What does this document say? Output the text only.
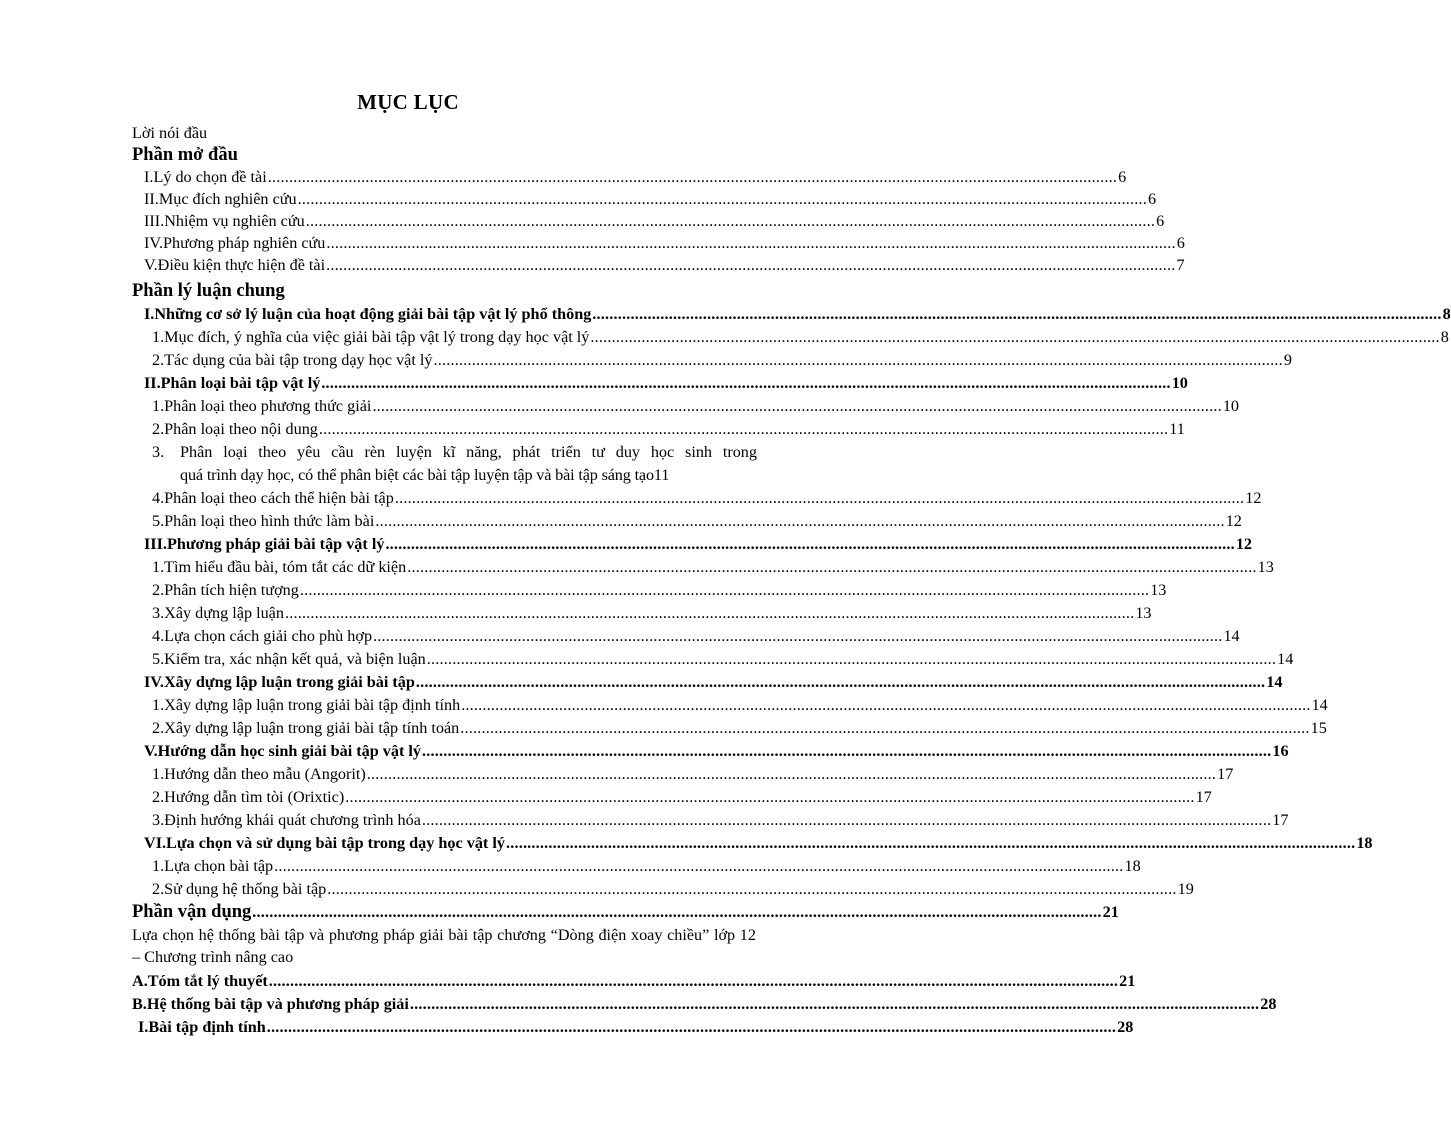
MỤC LỤC
Lời nói đầu
Phần mở đầu
I. Lý do chọn đề tài ........................................................................................................................................................................................................ 6
II. Mục đích nghiên cứu ........................................................................................................................................................................................................ 6
III. Nhiệm vụ nghiên cứu ........................................................................................................................................................................................................ 6
IV. Phương pháp nghiên cứu ........................................................................................................................................................................................................ 6
V. Điều kiện thực hiện đề tài ........................................................................................................................................................................................................ 7
Phần lý luận chung
I. Những cơ sở lý luận của hoạt động giải bài tập vật lý phổ thông ........................................................................................................................................................................................................ 8
1. Mục đích, ý nghĩa của việc giải bài tập vật lý trong dạy học vật lý ........................................................................................................................................................................................................ 8
2. Tác dụng của bài tập trong dạy học vật lý ........................................................................................................................................................................................................ 9
II. Phân loại bài tập vật lý ........................................................................................................................................................................................................ 10
1. Phân loại theo phương thức giải ........................................................................................................................................................................................................ 10
2. Phân loại theo nội dung ........................................................................................................................................................................................................ 11
3. Phân loại theo yêu cầu rèn luyện kĩ năng, phát triển tư duy học sinh trong
quá trình dạy học, có thể phân biệt các bài tập luyện tập và bài tập sáng tạo 11
4. Phân loại theo cách thể hiện bài tập ........................................................................................................................................................................................................ 12
5. Phân loại theo hình thức làm bài ........................................................................................................................................................................................................ 12
III. Phương pháp giải bài tập vật lý ........................................................................................................................................................................................................ 12
1. Tìm hiểu đầu bài, tóm tắt các dữ kiện ........................................................................................................................................................................................................ 13
2. Phân tích hiện tượng ........................................................................................................................................................................................................ 13
3. Xây dựng lập luận ........................................................................................................................................................................................................ 13
4. Lựa chọn cách giải cho phù hợp ........................................................................................................................................................................................................ 14
5. Kiểm tra, xác nhận kết quả, và biện luận ........................................................................................................................................................................................................ 14
IV. Xây dựng lập luận trong giải bài tập ........................................................................................................................................................................................................ 14
1. Xây dựng lập luận trong giải bài tập định tính ........................................................................................................................................................................................................ 14
2. Xây dựng lập luận trong giải bài tập tính toán ........................................................................................................................................................................................................ 15
V. Hướng dẫn học sinh giải bài tập vật lý ........................................................................................................................................................................................................ 16
1. Hướng dẫn theo mẫu (Angorit) ........................................................................................................................................................................................................ 17
2. Hướng dẫn tìm tòi (Orixtic) ........................................................................................................................................................................................................ 17
3. Định hướng khái quát chương trình hóa ........................................................................................................................................................................................................ 17
VI. Lựa chọn và sử dụng bài tập trong dạy học vật lý ........................................................................................................................................................................................................ 18
1. Lựa chọn bài tập ........................................................................................................................................................................................................ 18
2. Sử dụng hệ thống bài tập ........................................................................................................................................................................................................ 19
Phần vận dụng ........................................................................................................................................................................................................ 21
Lựa chọn hệ thống bài tập và phương pháp giải bài tập chương “Dòng điện xoay chiều” lớp 12 – Chương trình nâng cao
A. Tóm tắt lý thuyết ........................................................................................................................................................................................................ 21
B. Hệ thống bài tập và phương pháp giải ........................................................................................................................................................................................................ 28
I. Bài tập định tính ........................................................................................................................................................................................................ 28
